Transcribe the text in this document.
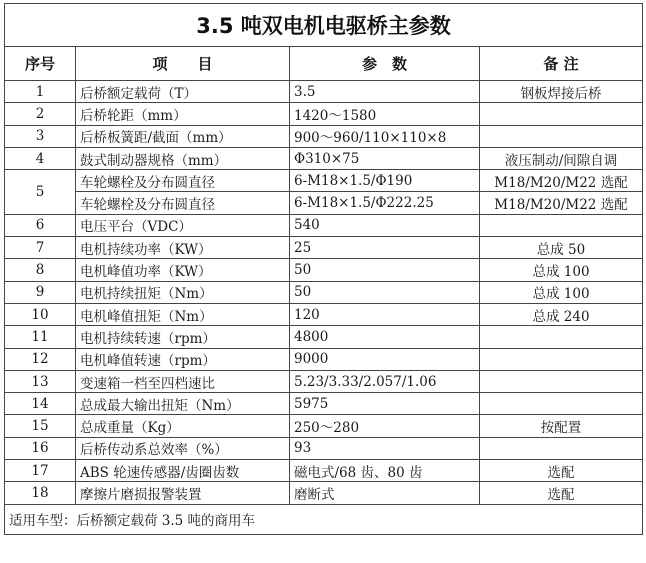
3.5 吨双电机电驱桥主参数			
序号	项　　目	参　数	备 注
1	后桥额定载荷（T）	3.5	钢板焊接后桥
2	后桥轮距（mm）	1420～1580	
3	后桥板簧距/截面（mm）	900～960/110×110×8	
4	鼓式制动器规格（mm）	Φ310×75	液压制动/间隙自调
5	车轮螺栓及分布圆直径	6-M18×1.5/Φ190	M18/M20/M22 选配
	车轮螺栓及分布圆直径	6-M18×1.5/Φ222.25	M18/M20/M22 选配
6	电压平台（VDC）	540	
7	电机持续功率（KW）	25	总成 50
8	电机峰值功率（KW）	50	总成 100
9	电机持续扭矩（Nm）	50	总成 100
10	电机峰值扭矩（Nm）	120	总成 240
11	电机持续转速（rpm）	4800	
12	电机峰值转速（rpm）	9000	
13	变速箱一档至四档速比	5.23/3.33/2.057/1.06	
14	总成最大输出扭矩（Nm）	5975	
15	总成重量（Kg）	250～280	按配置
16	后桥传动系总效率（%）	93	
17	ABS 轮速传感器/齿圈齿数	磁电式/68 齿、80 齿	选配
18	摩擦片磨损报警装置	磨断式	选配
适用车型：后桥额定载荷 3.5 吨的商用车			
